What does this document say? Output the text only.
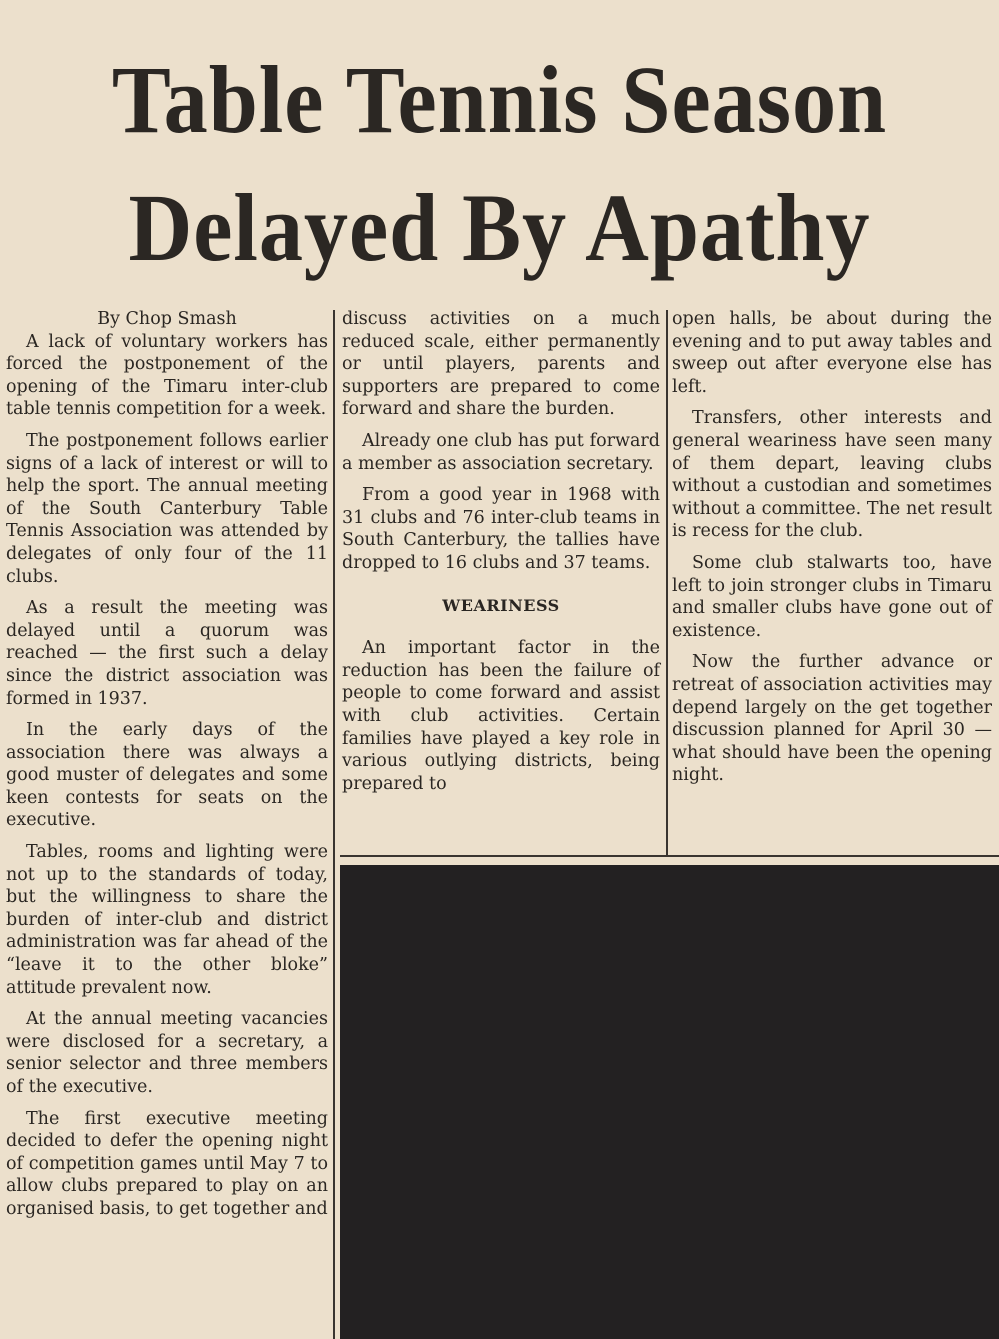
Table Tennis Season
Delayed By Apathy

By Chop Smash

A lack of voluntary workers has forced the postponement of the opening of the Timaru inter-club table tennis competition for a week.

The postponement follows earlier signs of a lack of interest or will to help the sport. The annual meeting of the South Canterbury Table Tennis Association was attended by delegates of only four of the 11 clubs.

As a result the meeting was delayed until a quorum was reached — the first such a delay since the district association was formed in 1937.

In the early days of the association there was always a good muster of delegates and some keen contests for seats on the executive.

Tables, rooms and lighting were not up to the standards of today, but the willingness to share the burden of inter-club and district administration was far ahead of the “leave it to the other bloke” attitude prevalent now.

At the annual meeting vacancies were disclosed for a secretary, a senior selector and three members of the executive.

The first executive meeting decided to defer the opening night of competition games until May 7 to allow clubs prepared to play on an organised basis, to get together and

discuss activities on a much reduced scale, either permanently or until players, parents and supporters are prepared to come forward and share the burden.

Already one club has put forward a member as association secretary.

From a good year in 1968 with 31 clubs and 76 inter-club teams in South Canterbury, the tallies have dropped to 16 clubs and 37 teams.

WEARINESS

An important factor in the reduction has been the failure of people to come forward and assist with club activities. Certain families have played a key role in various outlying districts, being prepared to

open halls, be about during the evening and to put away tables and sweep out after everyone else has left.

Transfers, other interests and general weariness have seen many of them depart, leaving clubs without a custodian and sometimes without a committee. The net result is recess for the club.

Some club stalwarts too, have left to join stronger clubs in Timaru and smaller clubs have gone out of existence.

Now the further advance or retreat of association activities may depend largely on the get together discussion planned for April 30 — what should have been the opening night.
